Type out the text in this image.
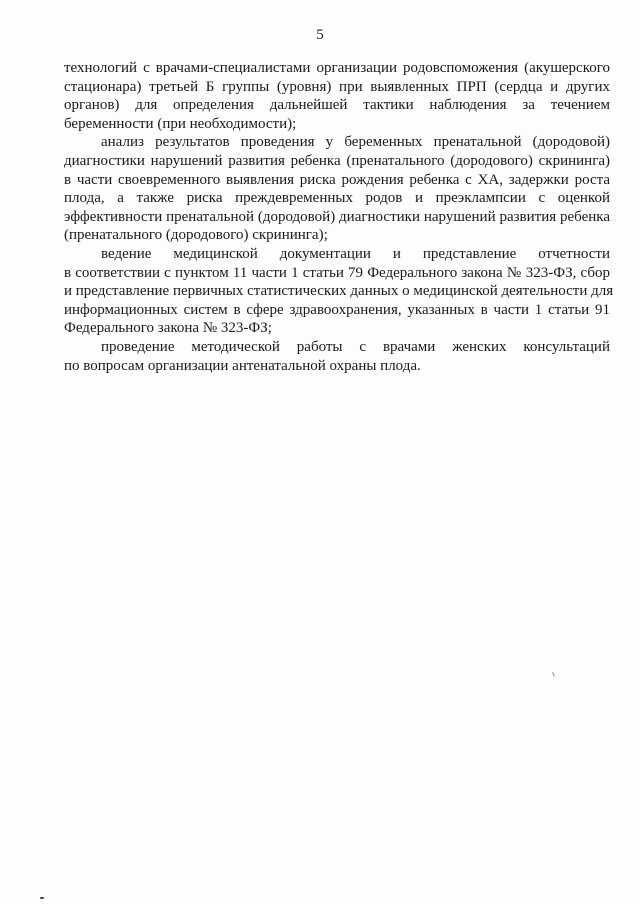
5

технологий с врачами-специалистами организации родовспоможения (акушерского
стационара) третьей Б группы (уровня) при выявленных ПРП (сердца и других
органов) для определения дальнейшей тактики наблюдения за течением
беременности (при необходимости);

анализ результатов проведения у беременных пренатальной (дородовой)
диагностики нарушений развития ребенка (пренатального (дородового) скрининга)
в части своевременного выявления риска рождения ребенка с ХА, задержки роста
плода, а также риска преждевременных родов и преэклампсии с оценкой
эффективности пренатальной (дородовой) диагностики нарушений развития ребенка
(пренатального (дородового) скрининга);

ведение медицинской документации и представление отчетности
в соответствии с пунктом 11 части 1 статьи 79 Федерального закона № 323-ФЗ, сбор
и представление первичных статистических данных о медицинской деятельности для
информационных систем в сфере здравоохранения, указанных в части 1 статьи 91
Федерального закона № 323-ФЗ;

проведение методической работы с врачами женских консультаций
по вопросам организации антенатальной охраны плода.
